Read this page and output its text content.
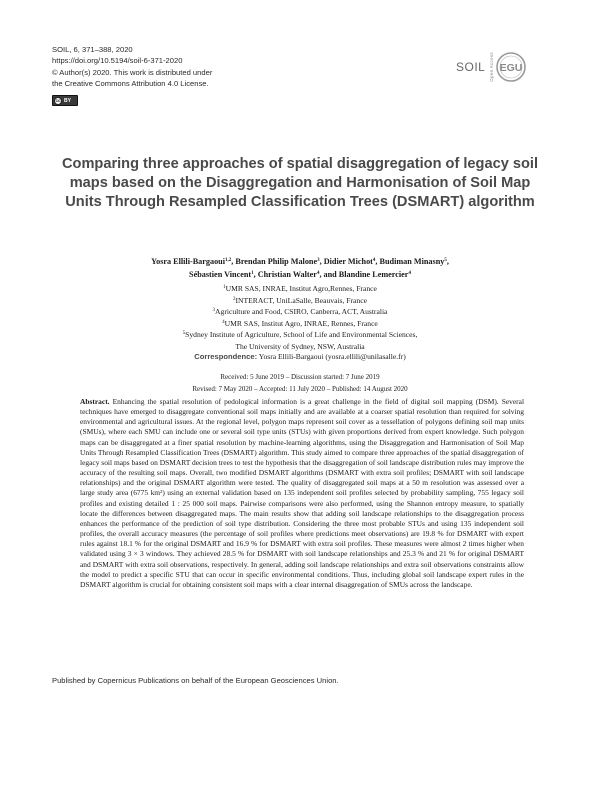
SOIL, 6, 371–388, 2020
https://doi.org/10.5194/soil-6-371-2020
© Author(s) 2020. This work is distributed under
the Creative Commons Attribution 4.0 License.
cc BY
SOIL Open Access EGU
Comparing three approaches of spatial disaggregation of legacy soil maps based on the Disaggregation and Harmonisation of Soil Map Units Through Resampled Classification Trees (DSMART) algorithm
Yosra Ellili-Bargaoui$^{1,2}$, Brendan Philip Malone$^3$, Didier Michot$^4$, Budiman Minasny$^5$,
Sébastien Vincent$^1$, Christian Walter$^4$, and Blandine Lemercier$^4$
$^1$UMR SAS, INRAE, Institut Agro,Rennes, France
$^2$INTERACT, UniLaSalle, Beauvais, France
$^3$Agriculture and Food, CSIRO, Canberra, ACT, Australia
$^4$UMR SAS, Institut Agro, INRAE, Rennes, France
$^5$Sydney Institute of Agriculture, School of Life and Environmental Sciences,
The University of Sydney, NSW, Australia
Correspondence: Yosra Ellili-Bargaoui (yosra.ellili@unilasalle.fr)
Received: 5 June 2019 – Discussion started: 7 June 2019
Revised: 7 May 2020 – Accepted: 11 July 2020 – Published: 14 August 2020
Abstract. Enhancing the spatial resolution of pedological information is a great challenge in the field of digital soil mapping (DSM). Several techniques have emerged to disaggregate conventional soil maps initially and are available at a coarser spatial resolution than required for solving environmental and agricultural issues. At the regional level, polygon maps represent soil cover as a tessellation of polygons defining soil map units (SMUs), where each SMU can include one or several soil type units (STUs) with given proportions derived from expert knowledge. Such polygon maps can be disaggregated at a finer spatial resolution by machine-learning algorithms, using the Disaggregation and Harmonisation of Soil Map Units Through Resampled Classification Trees (DSMART) algorithm. This study aimed to compare three approaches of the spatial disaggregation of legacy soil maps based on DSMART decision trees to test the hypothesis that the disaggregation of soil landscape distribution rules may improve the accuracy of the resulting soil maps. Overall, two modified DSMART algorithms (DSMART with extra soil profiles; DSMART with soil landscape relationships) and the original DSMART algorithm were tested. The quality of disaggregated soil maps at a 50 m resolution was assessed over a large study area (6775 km²) using an external validation based on 135 independent soil profiles selected by probability sampling, 755 legacy soil profiles and existing detailed 1 : 25 000 soil maps. Pairwise comparisons were also performed, using the Shannon entropy measure, to spatially locate the differences between disaggregated maps. The main results show that adding soil landscape relationships to the disaggregation process enhances the performance of the prediction of soil type distribution. Considering the three most probable STUs and using 135 independent soil profiles, the overall accuracy measures (the percentage of soil profiles where predictions meet observations) are 19.8 % for DSMART with expert rules against 18.1 % for the original DSMART and 16.9 % for DSMART with extra soil profiles. These measures were almost 2 times higher when validated using 3 × 3 windows. They achieved 28.5 % for DSMART with soil landscape relationships and 25.3 % and 21 % for original DSMART and DSMART with extra soil observations, respectively. In general, adding soil landscape relationships and extra soil observations constraints allow the model to predict a specific STU that can occur in specific environmental conditions. Thus, including global soil landscape expert rules in the DSMART algorithm is crucial for obtaining consistent soil maps with a clear internal disaggregation of SMUs across the landscape.
Published by Copernicus Publications on behalf of the European Geosciences Union.
